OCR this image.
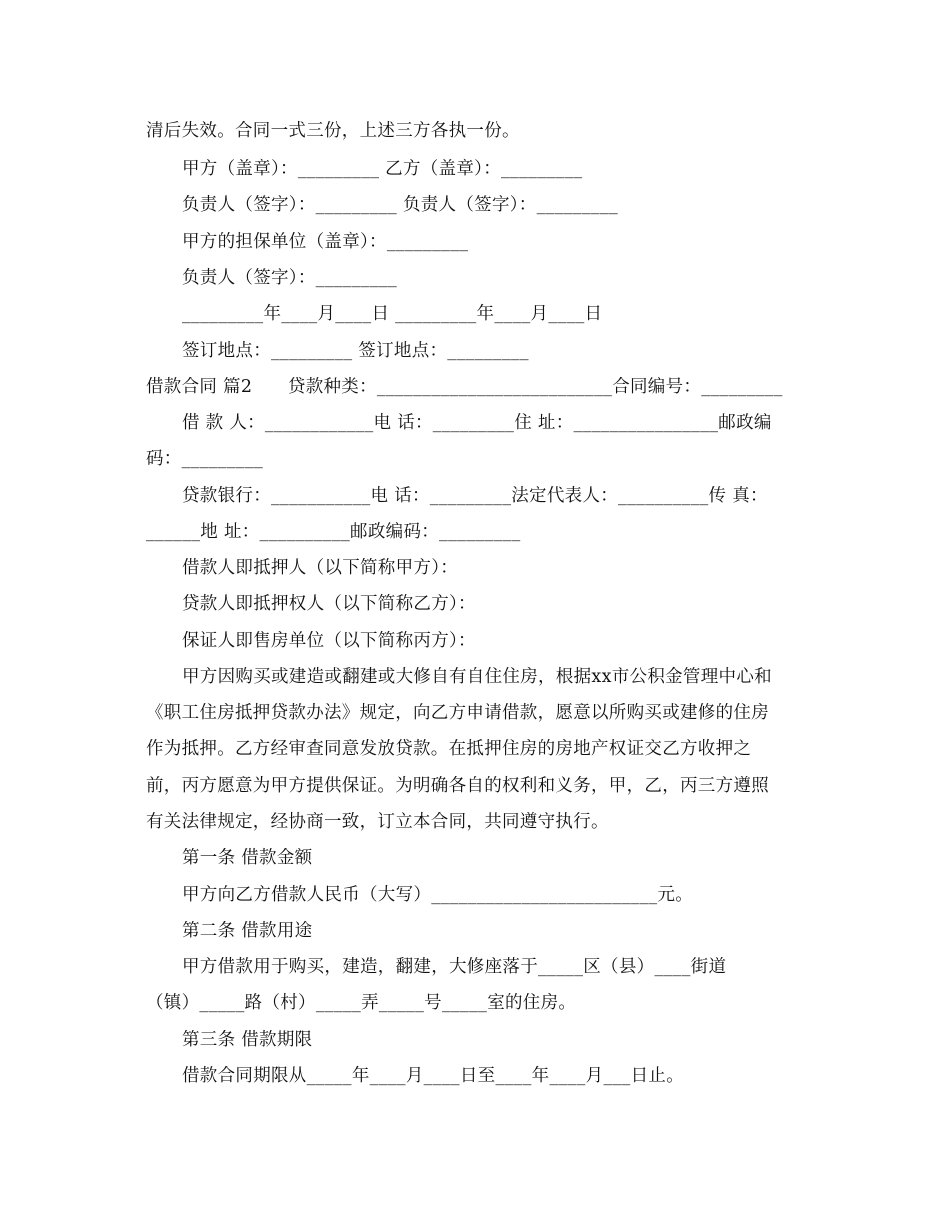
清后失效。合同一式三份，上述三方各执一份。
甲方（盖章）：_________ 乙方（盖章）：_________
负责人（签字）：_________ 负责人（签字）：_________
甲方的担保单位（盖章）：_________
负责人（签字）：_________
_________年____月____日 _________年____月____日
签订地点：_________ 签订地点：_________
借款合同 篇2　　贷款种类：__________________________合同编号：_________
借 款 人：____________电 话：_________住 址：________________邮政编
码：_________
贷款银行：___________电 话：_________法定代表人：__________传 真：
______地 址：__________邮政编码：_________
借款人即抵押人（以下简称甲方）：
贷款人即抵押权人（以下简称乙方）：
保证人即售房单位（以下简称丙方）：
甲方因购买或建造或翻建或大修自有自住住房，根据xx市公积金管理中心和
《职工住房抵押贷款办法》规定，向乙方申请借款，愿意以所购买或建修的住房
作为抵押。乙方经审查同意发放贷款。在抵押住房的房地产权证交乙方收押之
前，丙方愿意为甲方提供保证。为明确各自的权利和义务，甲，乙，丙三方遵照
有关法律规定，经协商一致，订立本合同，共同遵守执行。
第一条 借款金额
甲方向乙方借款人民币（大写）_________________________元。
第二条 借款用途
甲方借款用于购买，建造，翻建，大修座落于_____区（县）____街道
（镇）_____路（村）_____弄_____号_____室的住房。
第三条 借款期限
借款合同期限从_____年____月____日至____年____月___日止。
